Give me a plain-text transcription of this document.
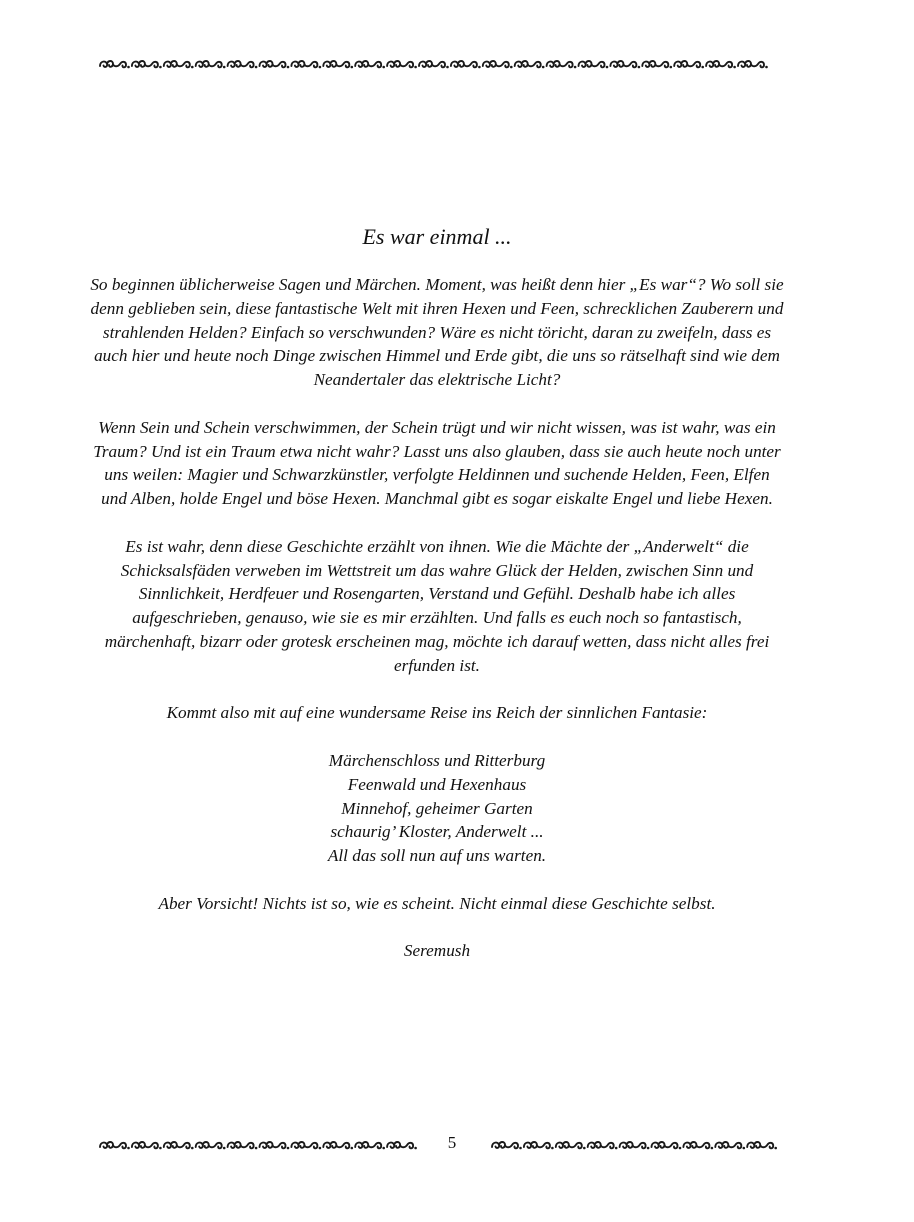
Es war einmal ...

So beginnen üblicherweise Sagen und Märchen. Moment, was heißt denn hier „Es war“? Wo soll sie denn geblieben sein, diese fantastische Welt mit ihren Hexen und Feen, schrecklichen Zauberern und strahlenden Helden? Einfach so verschwunden? Wäre es nicht töricht, daran zu zweifeln, dass es auch hier und heute noch Dinge zwischen Himmel und Erde gibt, die uns so rätselhaft sind wie dem Neandertaler das elektrische Licht?

Wenn Sein und Schein verschwimmen, der Schein trügt und wir nicht wissen, was ist wahr, was ein Traum? Und ist ein Traum etwa nicht wahr? Lasst uns also glauben, dass sie auch heute noch unter uns weilen: Magier und Schwarzkünstler, verfolgte Heldinnen und suchende Helden, Feen, Elfen und Alben, holde Engel und böse Hexen. Manchmal gibt es sogar eiskalte Engel und liebe Hexen.

Es ist wahr, denn diese Geschichte erzählt von ihnen. Wie die Mächte der „Anderwelt“ die Schicksalsfäden verweben im Wettstreit um das wahre Glück der Helden, zwischen Sinn und Sinnlichkeit, Herdfeuer und Rosengarten, Verstand und Gefühl. Deshalb habe ich alles aufgeschrieben, genauso, wie sie es mir erzählten. Und falls es euch noch so fantastisch, märchenhaft, bizarr oder grotesk erscheinen mag, möchte ich darauf wetten, dass nicht alles frei erfunden ist.

Kommt also mit auf eine wundersame Reise ins Reich der sinnlichen Fantasie:

Märchenschloss und Ritterburg
Feenwald und Hexenhaus
Minnehof, geheimer Garten
schaurig’ Kloster, Anderwelt ...
All das soll nun auf uns warten.

Aber Vorsicht! Nichts ist so, wie es scheint. Nicht einmal diese Geschichte selbst.

Seremush

5
